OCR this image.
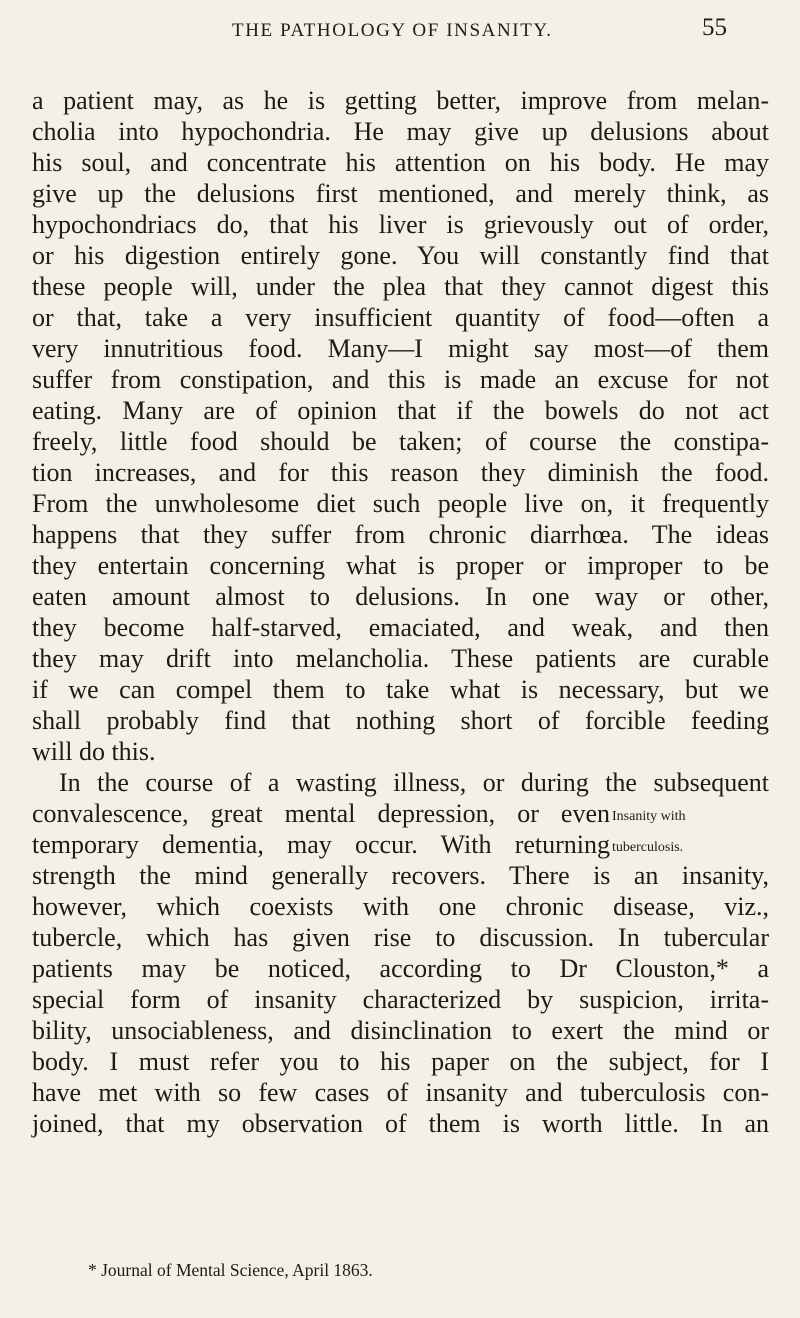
THE PATHOLOGY OF INSANITY.	55
a patient may, as he is getting better, improve from melan-
cholia into hypochondria. He may give up delusions about
his soul, and concentrate his attention on his body. He may
give up the delusions first mentioned, and merely think, as
hypochondriacs do, that his liver is grievously out of order,
or his digestion entirely gone. You will constantly find that
these people will, under the plea that they cannot digest this
or that, take a very insufficient quantity of food—often a
very innutritious food. Many—I might say most—of them
suffer from constipation, and this is made an excuse for not
eating. Many are of opinion that if the bowels do not act
freely, little food should be taken; of course the constipa-
tion increases, and for this reason they diminish the food.
From the unwholesome diet such people live on, it frequently
happens that they suffer from chronic diarrhœa. The ideas
they entertain concerning what is proper or improper to be
eaten amount almost to delusions. In one way or other,
they become half-starved, emaciated, and weak, and then
they may drift into melancholia. These patients are curable
if we can compel them to take what is necessary, but we
shall probably find that nothing short of forcible feeding
will do this.
In the course of a wasting illness, or during the subsequent
convalescence, great mental depression, or even
temporary dementia, may occur. With returning
strength the mind generally recovers. There is an insanity,
however, which coexists with one chronic disease, viz.,
tubercle, which has given rise to discussion. In tubercular
patients may be noticed, according to Dr Clouston,* a
special form of insanity characterized by suspicion, irrita-
bility, unsociableness, and disinclination to exert the mind or
body. I must refer you to his paper on the subject, for I
have met with so few cases of insanity and tuberculosis con-
joined, that my observation of them is worth little. In an
Insanity with
tuberculosis.
* Journal of Mental Science, April 1863.
